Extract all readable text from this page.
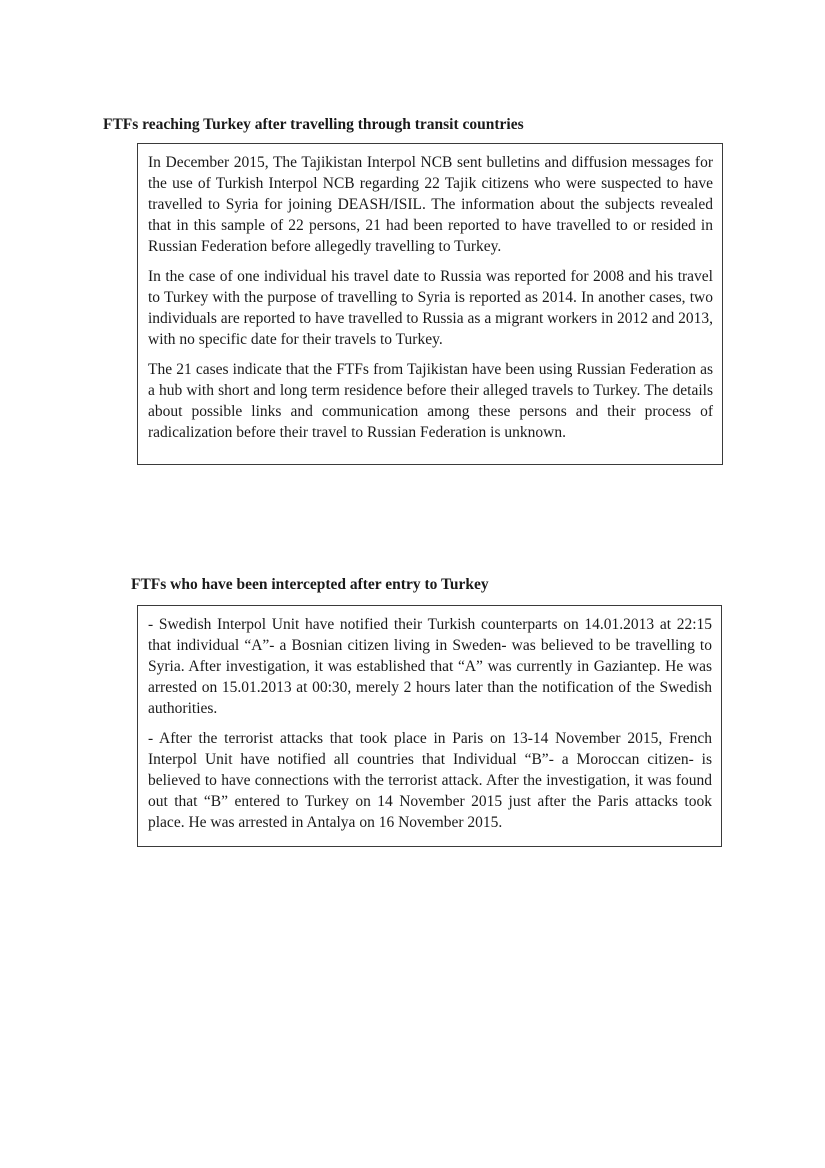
FTFs reaching Turkey after travelling through transit countries

In December 2015, The Tajikistan Interpol NCB sent bulletins and diffusion messages for the use of Turkish Interpol NCB regarding 22 Tajik citizens who were suspected to have travelled to Syria for joining DEASH/ISIL. The information about the subjects revealed that in this sample of 22 persons, 21 had been reported to have travelled to or resided in Russian Federation before allegedly travelling to Turkey.

In the case of one individual his travel date to Russia was reported for 2008 and his travel to Turkey with the purpose of travelling to Syria is reported as 2014. In another cases, two individuals are reported to have travelled to Russia as a migrant workers in 2012 and 2013, with no specific date for their travels to Turkey.

The 21 cases indicate that the FTFs from Tajikistan have been using Russian Federation as a hub with short and long term residence before their alleged travels to Turkey. The details about possible links and communication among these persons and their process of radicalization before their travel to Russian Federation is unknown.

FTFs who have been intercepted after entry to Turkey

- Swedish Interpol Unit have notified their Turkish counterparts on 14.01.2013 at 22:15 that individual “A”- a Bosnian citizen living in Sweden- was believed to be travelling to Syria. After investigation, it was established that “A” was currently in Gaziantep. He was arrested on 15.01.2013 at 00:30, merely 2 hours later than the notification of the Swedish authorities.

- After the terrorist attacks that took place in Paris on 13-14 November 2015, French Interpol Unit have notified all countries that Individual “B”- a Moroccan citizen- is believed to have connections with the terrorist attack. After the investigation, it was found out that “B” entered to Turkey on 14 November 2015 just after the Paris attacks took place. He was arrested in Antalya on 16 November 2015.
